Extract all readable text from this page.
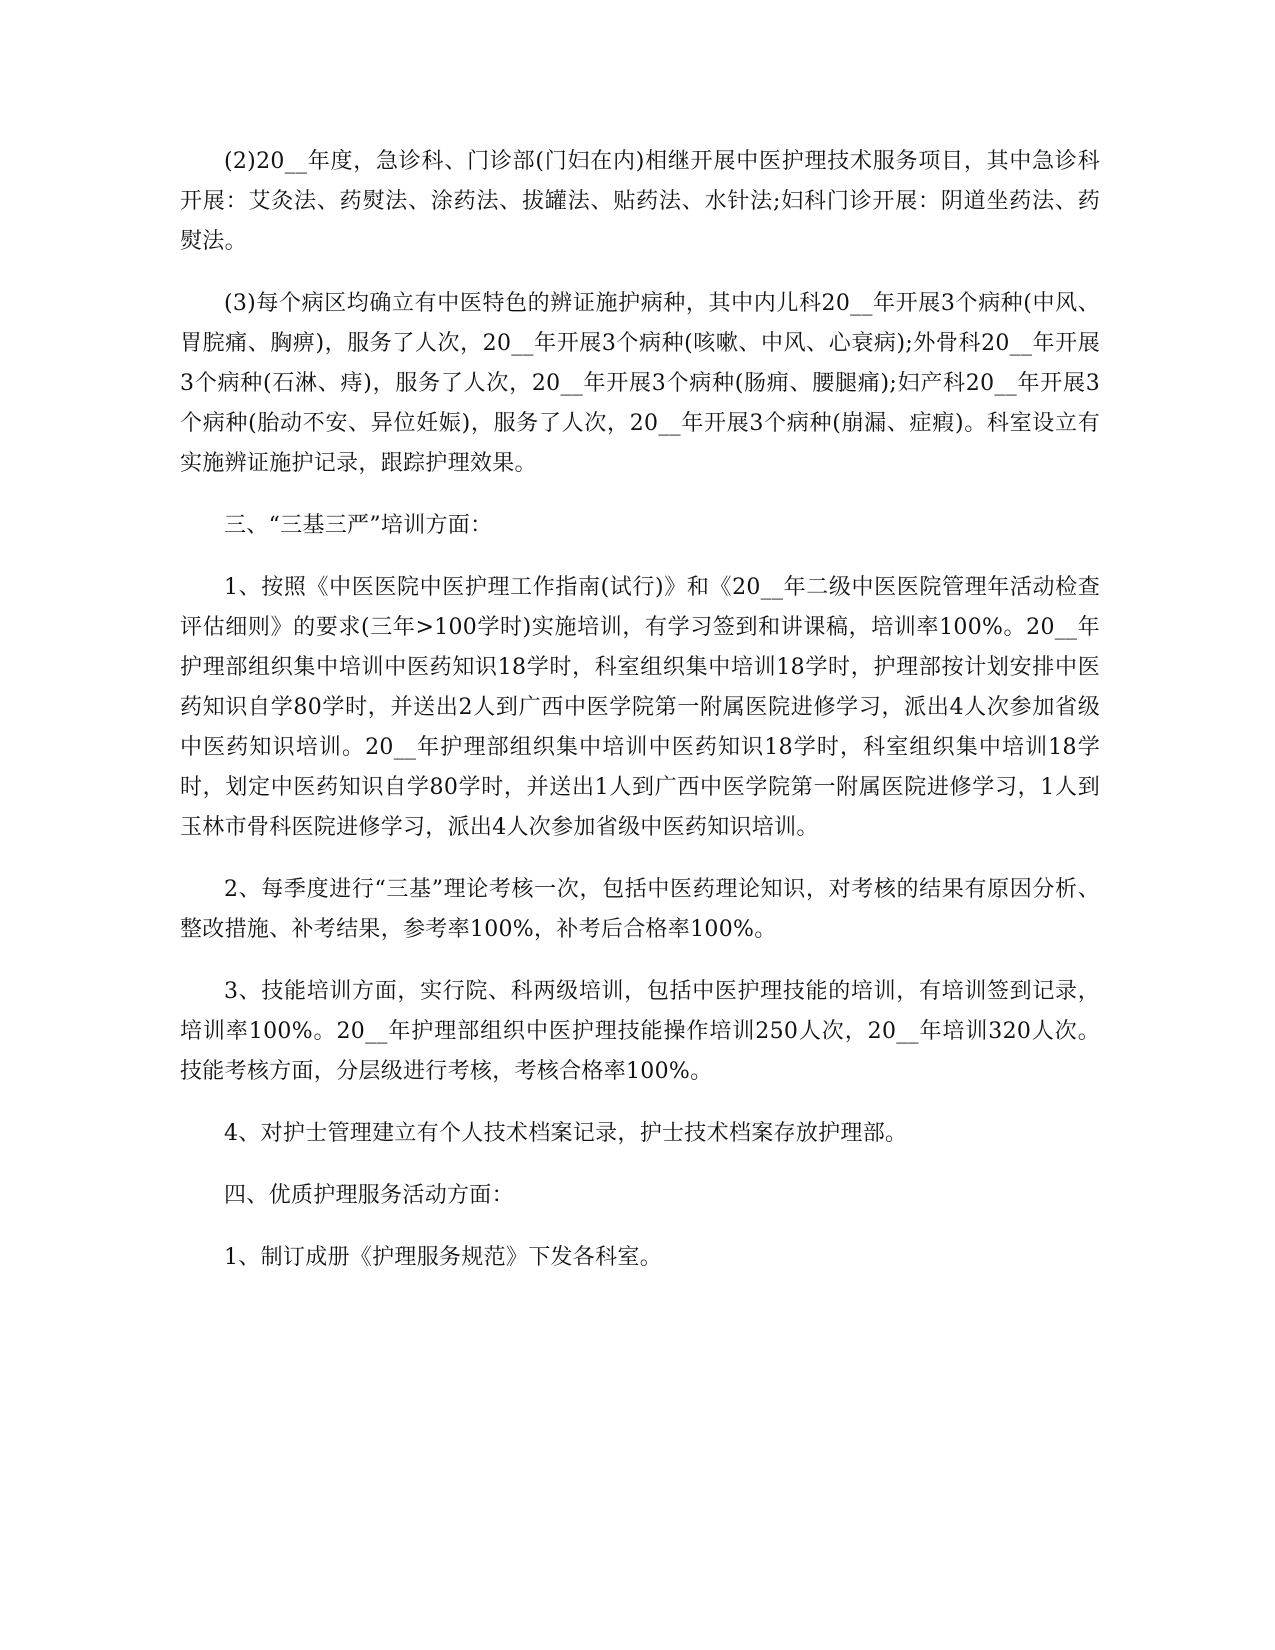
(2)20__年度，急诊科、门诊部(门妇在内)相继开展中医护理技术服务项目，其中急诊科开展：艾灸法、药熨法、涂药法、拔罐法、贴药法、水针法;妇科门诊开展：阴道坐药法、药熨法。

(3)每个病区均确立有中医特色的辨证施护病种，其中内儿科20__年开展3个病种(中风、胃脘痛、胸痹)，服务了人次，20__年开展3个病种(咳嗽、中风、心衰病);外骨科20__年开展3个病种(石淋、痔)，服务了人次，20__年开展3个病种(肠痈、腰腿痛);妇产科20__年开展3个病种(胎动不安、异位妊娠)，服务了人次，20__年开展3个病种(崩漏、症瘕)。科室设立有实施辨证施护记录，跟踪护理效果。

三、“三基三严”培训方面：

1、按照《中医医院中医护理工作指南(试行)》和《20__年二级中医医院管理年活动检查评估细则》的要求(三年>100学时)实施培训，有学习签到和讲课稿，培训率100%。20__年护理部组织集中培训中医药知识18学时，科室组织集中培训18学时，护理部按计划安排中医药知识自学80学时，并送出2人到广西中医学院第一附属医院进修学习，派出4人次参加省级中医药知识培训。20__年护理部组织集中培训中医药知识18学时，科室组织集中培训18学时，划定中医药知识自学80学时，并送出1人到广西中医学院第一附属医院进修学习，1人到玉林市骨科医院进修学习，派出4人次参加省级中医药知识培训。

2、每季度进行“三基”理论考核一次，包括中医药理论知识，对考核的结果有原因分析、整改措施、补考结果，参考率100%，补考后合格率100%。

3、技能培训方面，实行院、科两级培训，包括中医护理技能的培训，有培训签到记录，培训率100%。20__年护理部组织中医护理技能操作培训250人次，20__年培训320人次。技能考核方面，分层级进行考核，考核合格率100%。

4、对护士管理建立有个人技术档案记录，护士技术档案存放护理部。

四、优质护理服务活动方面：

1、制订成册《护理服务规范》下发各科室。
